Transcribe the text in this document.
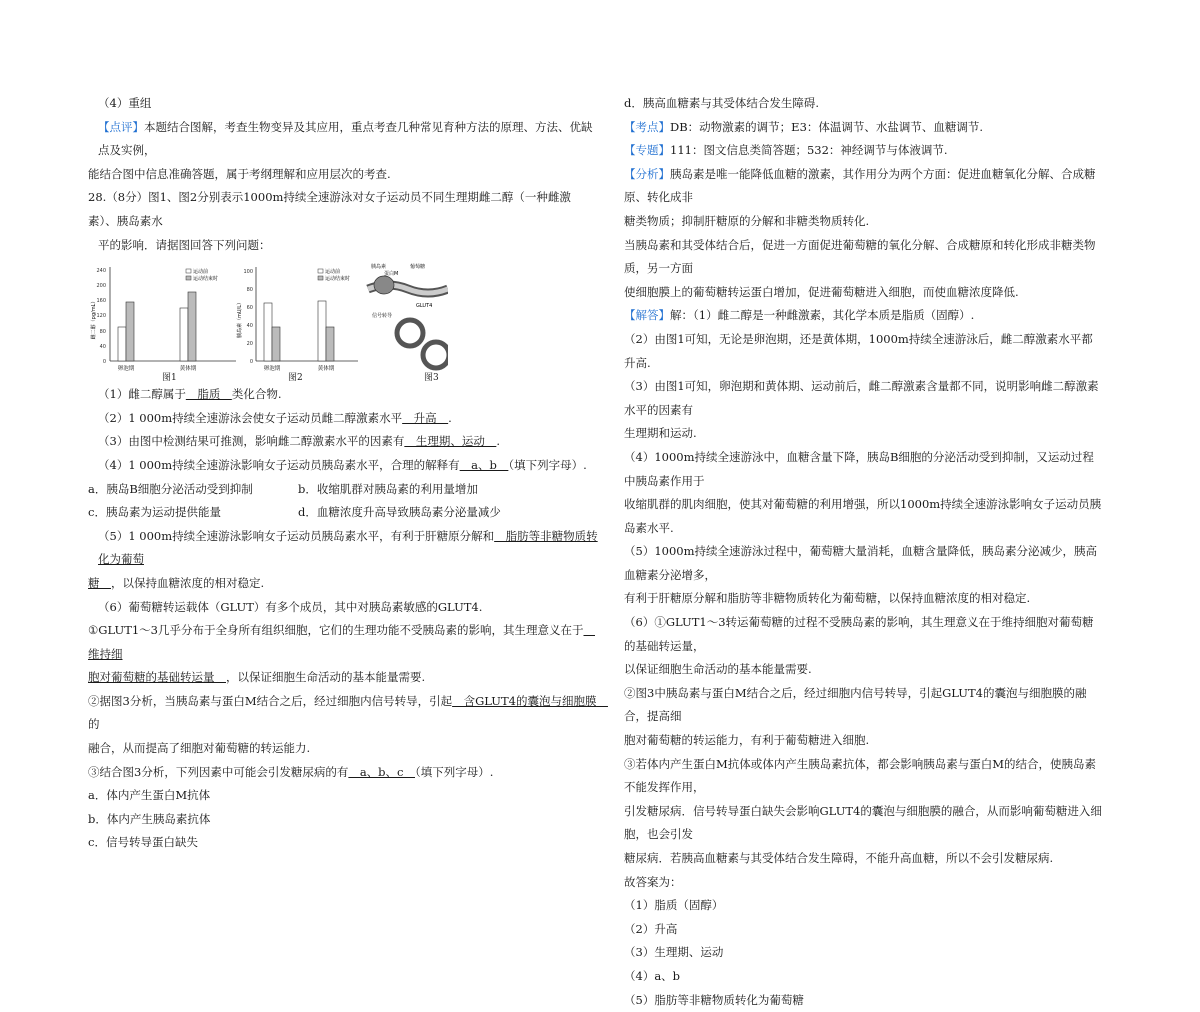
（4）重组

【点评】本题结合图解，考查生物变异及其应用，重点考查几种常见育种方法的原理、方法、优缺点及实例，

能结合图中信息准确答题，属于考纲理解和应用层次的考查.

28.（8分）图1、图2分别表示1000m持续全速游泳对女子运动员不同生理期雌二醇（一种雌激素）、胰岛素水

平的影响．请据图回答下列问题：

0
40
80
120
160
200
240
雌二醇（pg/mL）
运动前
运动结束时
卵泡期	黄体期
0
20
40
60
80
100
胰岛素（mU/L）
运动前
运动结束时
卵泡期	黄体期
胰岛素
蛋白M
葡萄糖
信号转导
GLUT4
图1	图2	图3

（1）雌二醇属于　脂质　类化合物.

（2）1 000m持续全速游泳会使女子运动员雌二醇激素水平　升高　.

（3）由图中检测结果可推测，影响雌二醇激素水平的因素有　生理期、运动　.

（4）1 000m持续全速游泳影响女子运动员胰岛素水平，合理的解释有　a、b　（填下列字母）.

a．胰岛B细胞分泌活动受到抑制	b．收缩肌群对胰岛素的利用量增加

c．胰岛素为运动提供能量	d．血糖浓度升高导致胰岛素分泌量减少

（5）1 000m持续全速游泳影响女子运动员胰岛素水平，有利于肝糖原分解和　脂肪等非糖物质转化为葡萄

糖　，以保持血糖浓度的相对稳定.

（6）葡萄糖转运载体（GLUT）有多个成员，其中对胰岛素敏感的GLUT4.

①GLUT1～3几乎分布于全身所有组织细胞，它们的生理功能不受胰岛素的影响，其生理意义在于　维持细

胞对葡萄糖的基础转运量　，以保证细胞生命活动的基本能量需要.

②据图3分析，当胰岛素与蛋白M结合之后，经过细胞内信号转导，引起　含GLUT4的囊泡与细胞膜　的

融合，从而提高了细胞对葡萄糖的转运能力.

③结合图3分析，下列因素中可能会引发糖尿病的有　a、b、c　（填下列字母）.

a．体内产生蛋白M抗体

b．体内产生胰岛素抗体

c．信号转导蛋白缺失

d．胰高血糖素与其受体结合发生障碍.

【考点】DB：动物激素的调节；E3：体温调节、水盐调节、血糖调节.

【专题】111：图文信息类简答题；532：神经调节与体液调节.

【分析】胰岛素是唯一能降低血糖的激素，其作用分为两个方面：促进血糖氧化分解、合成糖原、转化成非

糖类物质；抑制肝糖原的分解和非糖类物质转化.

当胰岛素和其受体结合后，促进一方面促进葡萄糖的氧化分解、合成糖原和转化形成非糖类物质，另一方面

使细胞膜上的葡萄糖转运蛋白增加，促进葡萄糖进入细胞，而使血糖浓度降低.

【解答】解：（1）雌二醇是一种雌激素，其化学本质是脂质（固醇）.

（2）由图1可知，无论是卵泡期，还是黄体期，1000m持续全速游泳后，雌二醇激素水平都升高.

（3）由图1可知，卵泡期和黄体期、运动前后，雌二醇激素含量都不同，说明影响雌二醇激素水平的因素有

生理期和运动.

（4）1000m持续全速游泳中，血糖含量下降，胰岛B细胞的分泌活动受到抑制，又运动过程中胰岛素作用于

收缩肌群的肌肉细胞，使其对葡萄糖的利用增强，所以1000m持续全速游泳影响女子运动员胰岛素水平.

（5）1000m持续全速游泳过程中，葡萄糖大量消耗，血糖含量降低，胰岛素分泌减少，胰高血糖素分泌增多，

有利于肝糖原分解和脂肪等非糖物质转化为葡萄糖，以保持血糖浓度的相对稳定.

（6）①GLUT1～3转运葡萄糖的过程不受胰岛素的影响，其生理意义在于维持细胞对葡萄糖的基础转运量，

以保证细胞生命活动的基本能量需要.

②图3中胰岛素与蛋白M结合之后，经过细胞内信号转导，引起GLUT4的囊泡与细胞膜的融合，提高细

胞对葡萄糖的转运能力，有利于葡萄糖进入细胞.

③若体内产生蛋白M抗体或体内产生胰岛素抗体，都会影响胰岛素与蛋白M的结合，使胰岛素不能发挥作用，

引发糖尿病．信号转导蛋白缺失会影响GLUT4的囊泡与细胞膜的融合，从而影响葡萄糖进入细胞，也会引发

糖尿病．若胰高血糖素与其受体结合发生障碍，不能升高血糖，所以不会引发糖尿病.

故答案为：

（1）脂质（固醇）

（2）升高

（3）生理期、运动

（4）a、b

（5）脂肪等非糖物质转化为葡萄糖
